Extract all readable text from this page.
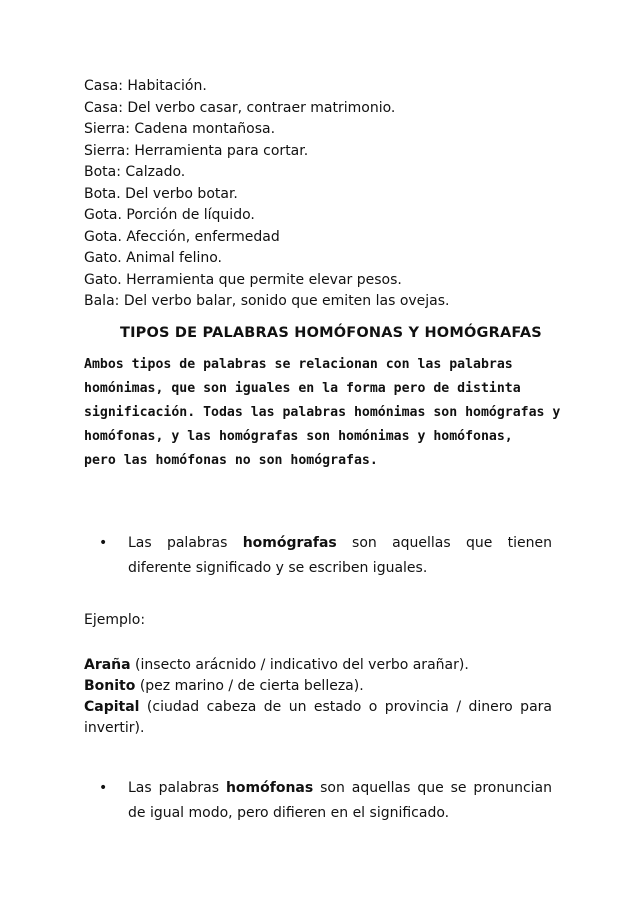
Casa: Habitación.
Casa: Del verbo casar, contraer matrimonio.
Sierra: Cadena montañosa.
Sierra: Herramienta para cortar.
Bota: Calzado.
Bota. Del verbo botar.
Gota. Porción de líquido.
Gota. Afección, enfermedad
Gato. Animal felino.
Gato. Herramienta que permite elevar pesos.
Bala: Del verbo balar, sonido que emiten las ovejas.
TIPOS DE PALABRAS HOMÓFONAS Y HOMÓGRAFAS
Ambos tipos de palabras se relacionan con las palabras
homónimas, que son iguales en la forma pero de distinta
significación. Todas las palabras homónimas son homógrafas y
homófonas, y las homógrafas son homónimas y homófonas,
pero las homófonas no son homógrafas.
• Las palabras homógrafas son aquellas que tienen diferente significado y se escriben iguales.
Ejemplo:
Araña (insecto arácnido / indicativo del verbo arañar).
Bonito (pez marino / de cierta belleza).
Capital (ciudad cabeza de un estado o provincia / dinero para invertir).
• Las palabras homófonas son aquellas que se pronuncian de igual modo, pero difieren en el significado.
